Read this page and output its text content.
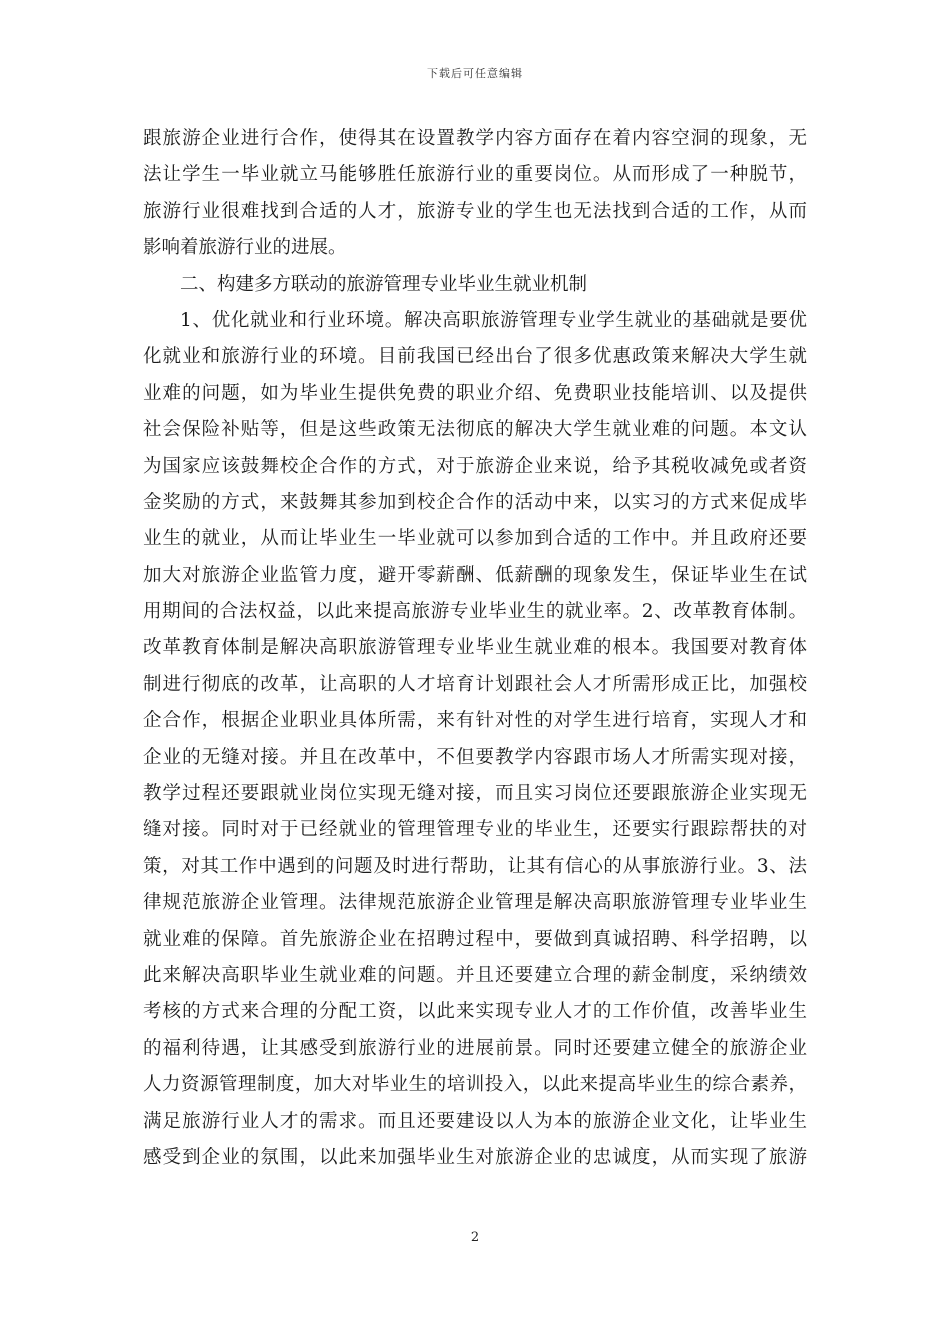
下载后可任意编辑
跟旅游企业进行合作，使得其在设置教学内容方面存在着内容空洞的现象，无
法让学生一毕业就立马能够胜任旅游行业的重要岗位。从而形成了一种脱节，
旅游行业很难找到合适的人才，旅游专业的学生也无法找到合适的工作，从而
影响着旅游行业的进展。
二、构建多方联动的旅游管理专业毕业生就业机制
1、优化就业和行业环境。解决高职旅游管理专业学生就业的基础就是要优
化就业和旅游行业的环境。目前我国已经出台了很多优惠政策来解决大学生就
业难的问题，如为毕业生提供免费的职业介绍、免费职业技能培训、以及提供
社会保险补贴等，但是这些政策无法彻底的解决大学生就业难的问题。本文认
为国家应该鼓舞校企合作的方式，对于旅游企业来说，给予其税收减免或者资
金奖励的方式，来鼓舞其参加到校企合作的活动中来，以实习的方式来促成毕
业生的就业，从而让毕业生一毕业就可以参加到合适的工作中。并且政府还要
加大对旅游企业监管力度，避开零薪酬、低薪酬的现象发生，保证毕业生在试
用期间的合法权益，以此来提高旅游专业毕业生的就业率。2、改革教育体制。
改革教育体制是解决高职旅游管理专业毕业生就业难的根本。我国要对教育体
制进行彻底的改革，让高职的人才培育计划跟社会人才所需形成正比，加强校
企合作，根据企业职业具体所需，来有针对性的对学生进行培育，实现人才和
企业的无缝对接。并且在改革中，不但要教学内容跟市场人才所需实现对接，
教学过程还要跟就业岗位实现无缝对接，而且实习岗位还要跟旅游企业实现无
缝对接。同时对于已经就业的管理管理专业的毕业生，还要实行跟踪帮扶的对
策，对其工作中遇到的问题及时进行帮助，让其有信心的从事旅游行业。3、法
律规范旅游企业管理。法律规范旅游企业管理是解决高职旅游管理专业毕业生
就业难的保障。首先旅游企业在招聘过程中，要做到真诚招聘、科学招聘，以
此来解决高职毕业生就业难的问题。并且还要建立合理的薪金制度，采纳绩效
考核的方式来合理的分配工资，以此来实现专业人才的工作价值，改善毕业生
的福利待遇，让其感受到旅游行业的进展前景。同时还要建立健全的旅游企业
人力资源管理制度，加大对毕业生的培训投入，以此来提高毕业生的综合素养，
满足旅游行业人才的需求。而且还要建设以人为本的旅游企业文化，让毕业生
感受到企业的氛围，以此来加强毕业生对旅游企业的忠诚度，从而实现了旅游
2
